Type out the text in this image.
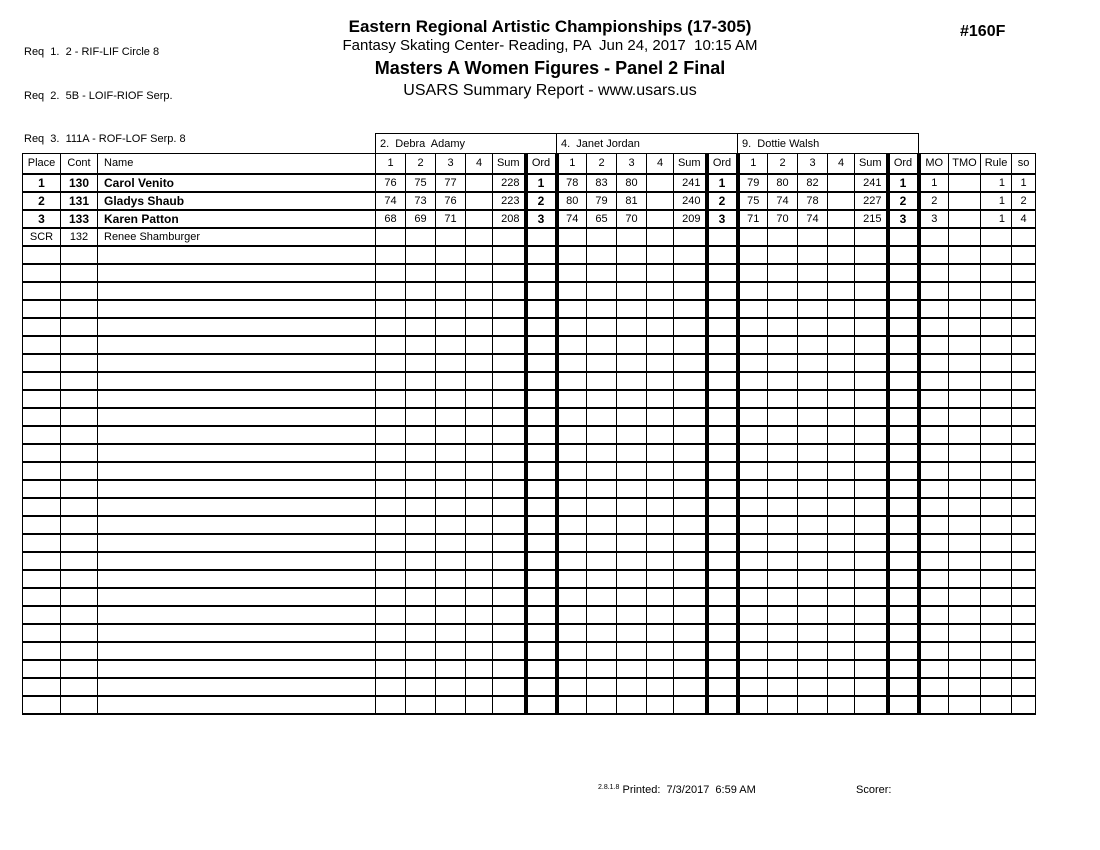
Req  1.  2 - RIF-LIF Circle 8

Req  2.  5B - LOIF-RIOF Serp.

Req  3.  111A - ROF-LOF Serp. 8

Eastern Regional Artistic Championships (17-305)
Fantasy Skating Center- Reading, PA  Jun 24, 2017  10:15 AM
Masters A Women Figures - Panel 2 Final
USARS Summary Report - www.usars.us
#160F
			2.  Debra  Adamy						4.  Janet Jordan						9.  Dottie Walsh									
Place	Cont	Name	1	2	3	4	Sum	Ord	1	2	3	4	Sum	Ord	1	2	3	4	Sum	Ord	MO	TMO	Rule	so
1	130	Carol Venito	76	75	77		228	1	78	83	80		241	1	79	80	82		241	1	1		1	1
2	131	Gladys Shaub	74	73	76		223	2	80	79	81		240	2	75	74	78		227	2	2		1	2
3	133	Karen Patton	68	69	71		208	3	74	65	70		209	3	71	70	74		215	3	3		1	4
SCR	132	Renee Shamburger																						

$^{2.8.1.8}$ Printed:  7/3/2017  6:59 AM	Scorer:
